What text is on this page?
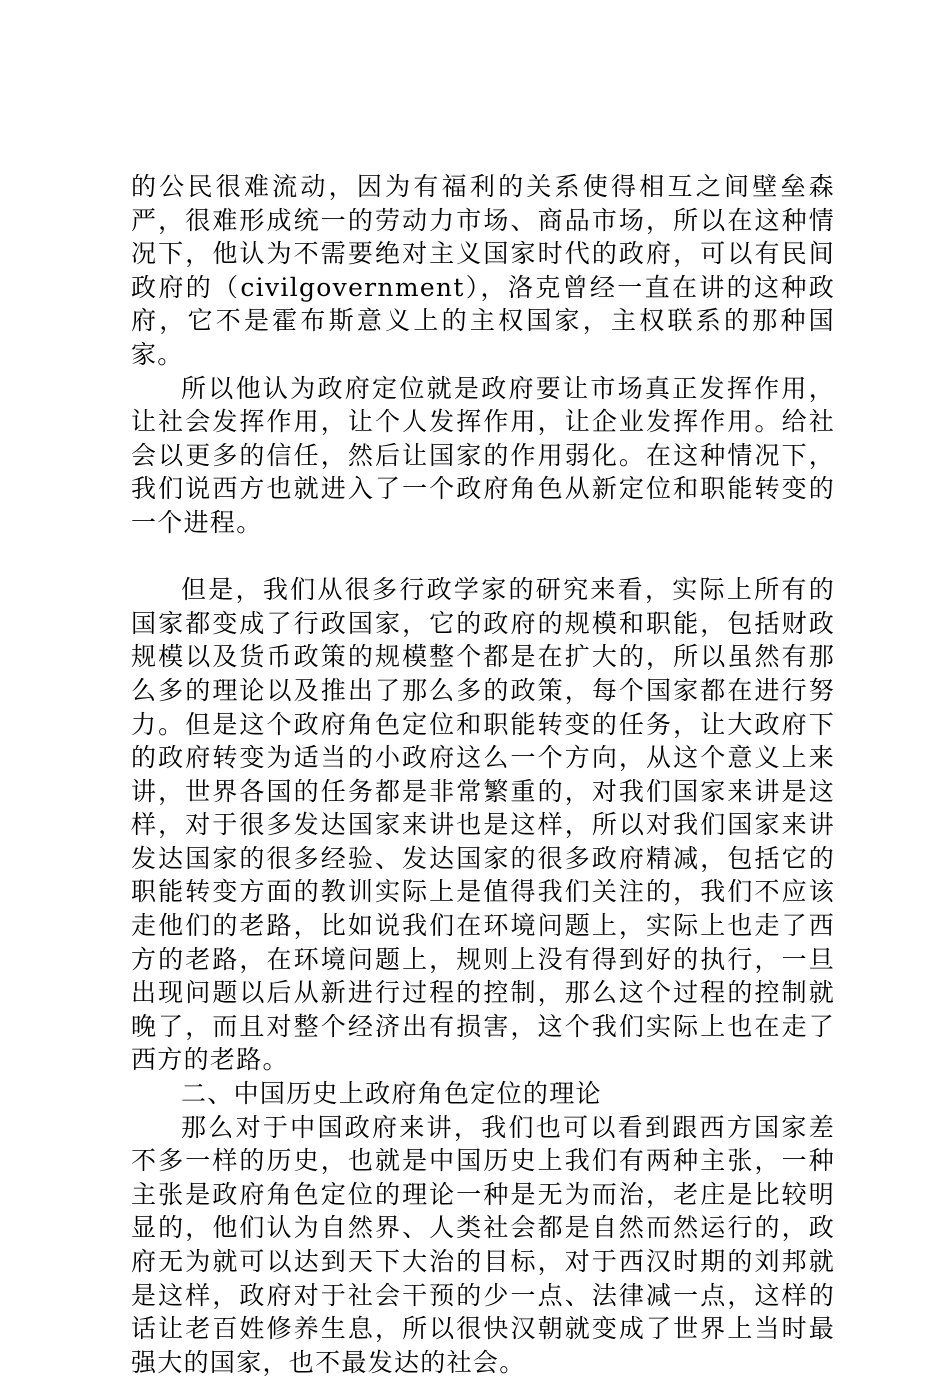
的公民很难流动，因为有福利的关系使得相互之间壁垒森严，很难形成统一的劳动力市场、商品市场，所以在这种情况下，他认为不需要绝对主义国家时代的政府，可以有民间政府的（civilgovernment），洛克曾经一直在讲的这种政府，它不是霍布斯意义上的主权国家，主权联系的那种国家。

所以他认为政府定位就是政府要让市场真正发挥作用，让社会发挥作用，让个人发挥作用，让企业发挥作用。给社会以更多的信任，然后让国家的作用弱化。在这种情况下，我们说西方也就进入了一个政府角色从新定位和职能转变的一个进程。

但是，我们从很多行政学家的研究来看，实际上所有的国家都变成了行政国家，它的政府的规模和职能，包括财政规模以及货币政策的规模整个都是在扩大的，所以虽然有那么多的理论以及推出了那么多的政策，每个国家都在进行努力。但是这个政府角色定位和职能转变的任务，让大政府下的政府转变为适当的小政府这么一个方向，从这个意义上来讲，世界各国的任务都是非常繁重的，对我们国家来讲是这样，对于很多发达国家来讲也是这样，所以对我们国家来讲发达国家的很多经验、发达国家的很多政府精减，包括它的职能转变方面的教训实际上是值得我们关注的，我们不应该走他们的老路，比如说我们在环境问题上，实际上也走了西方的老路，在环境问题上，规则上没有得到好的执行，一旦出现问题以后从新进行过程的控制，那么这个过程的控制就晚了，而且对整个经济出有损害，这个我们实际上也在走了西方的老路。

二、中国历史上政府角色定位的理论

那么对于中国政府来讲，我们也可以看到跟西方国家差不多一样的历史，也就是中国历史上我们有两种主张，一种主张是政府角色定位的理论一种是无为而治，老庄是比较明显的，他们认为自然界、人类社会都是自然而然运行的，政府无为就可以达到天下大治的目标，对于西汉时期的刘邦就是这样，政府对于社会干预的少一点、法律减一点，这样的话让老百姓修养生息，所以很快汉朝就变成了世界上当时最强大的国家，也不最发达的社会。
